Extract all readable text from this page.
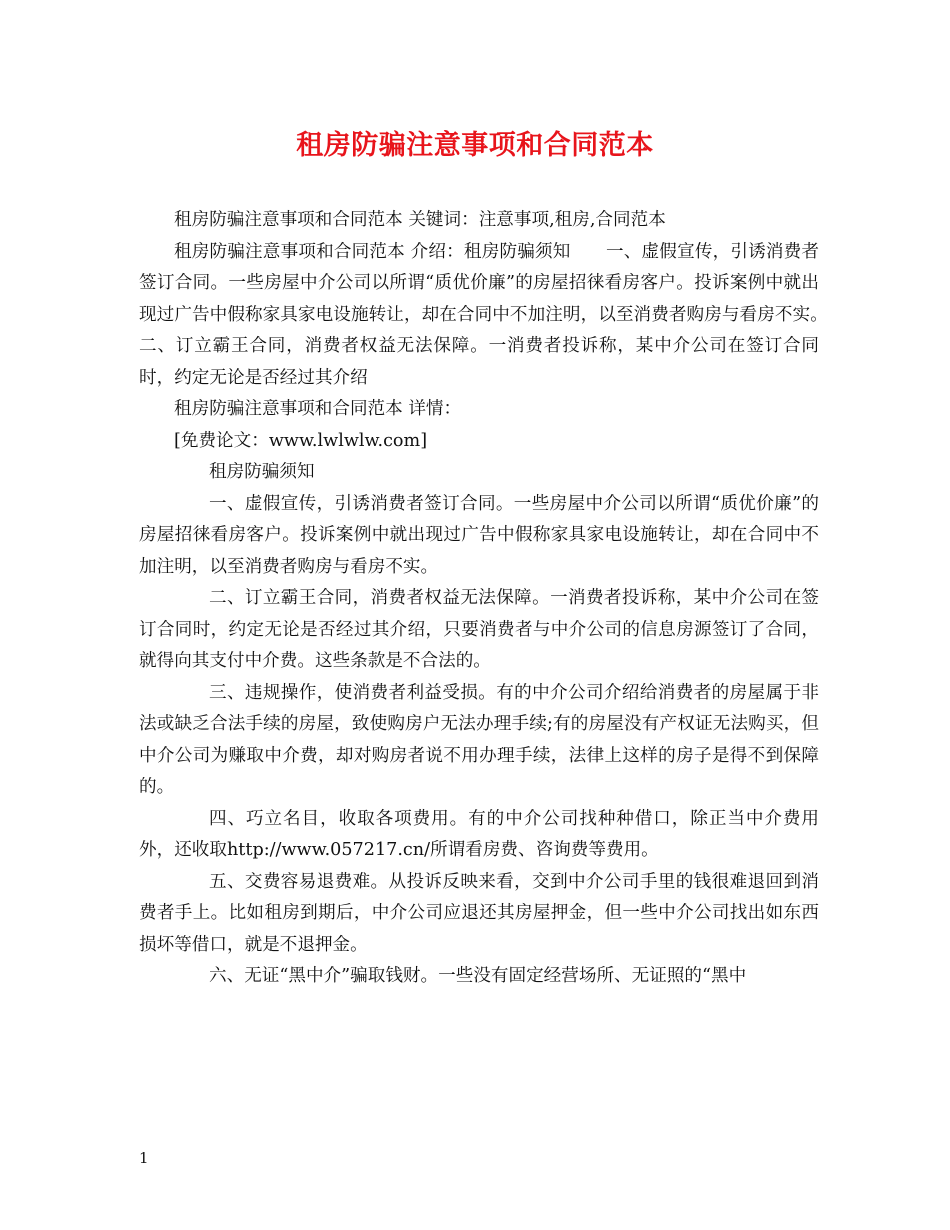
租房防骗注意事项和合同范本

租房防骗注意事项和合同范本 关键词：注意事项,租房,合同范本

租房防骗注意事项和合同范本 介绍：租房防骗须知　　一、虚假宣传，引诱消费者签订合同。一些房屋中介公司以所谓“质优价廉”的房屋招徕看房客户。投诉案例中就出现过广告中假称家具家电设施转让，却在合同中不加注明，以至消费者购房与看房不实。　　二、订立霸王合同，消费者权益无法保障。一消费者投诉称，某中介公司在签订合同时，约定无论是否经过其介绍

租房防骗注意事项和合同范本 详情：

[免费论文：www.lwlwlw.com]

租房防骗须知

一、虚假宣传，引诱消费者签订合同。一些房屋中介公司以所谓“质优价廉”的房屋招徕看房客户。投诉案例中就出现过广告中假称家具家电设施转让，却在合同中不加注明，以至消费者购房与看房不实。

二、订立霸王合同，消费者权益无法保障。一消费者投诉称，某中介公司在签订合同时，约定无论是否经过其介绍，只要消费者与中介公司的信息房源签订了合同，就得向其支付中介费。这些条款是不合法的。

三、违规操作，使消费者利益受损。有的中介公司介绍给消费者的房屋属于非法或缺乏合法手续的房屋，致使购房户无法办理手续;有的房屋没有产权证无法购买，但中介公司为赚取中介费，却对购房者说不用办理手续，法律上这样的房子是得不到保障的。

四、巧立名目，收取各项费用。有的中介公司找种种借口，除正当中介费用外，还收取http://www.057217.cn/所谓看房费、咨询费等费用。

五、交费容易退费难。从投诉反映来看，交到中介公司手里的钱很难退回到消费者手上。比如租房到期后，中介公司应退还其房屋押金，但一些中介公司找出如东西损坏等借口，就是不退押金。

六、无证“黑中介”骗取钱财。一些没有固定经营场所、无证照的“黑中

1
